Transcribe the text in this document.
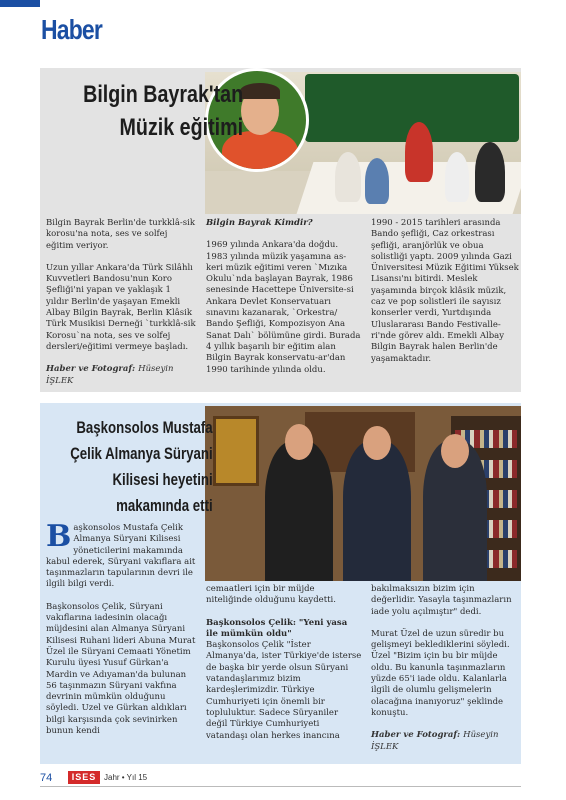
Haber
Bilgin Bayrak'tan
Müzik eğitimi

Bilgin Bayrak Berlin'de turkklâ-sik korosu'na nota, ses ve solfej eğitim veriyor.

Uzun yıllar Ankara'da Türk Silâhlı Kuvvetleri Bandosu'nun Koro Şefliği'ni yapan ve yaklaşık 1 yıldır Berlin'de yaşayan Emekli Albay Bilgin Bayrak, Berlin Klâsik Türk Musikisi Derneği `turkklâ-sik Korosu`na nota, ses ve solfej dersleri/eğitimi vermeye başladı.

Haber ve Fotograf: Hüseyin İŞLEK

Bilgin Bayrak Kimdir?

1969 yılında Ankara'da doğdu. 1983 yılında müzik yaşamına as-keri müzik eğitimi veren `Mızıka Okulu`nda başlayan Bayrak, 1986 senesinde Hacettepe Üniversite-si Ankara Devlet Konservatuarı sınavını kazanarak, `Orkestra/ Bando Şefliği, Kompozisyon Ana Sanat Dalı` bölümüne girdi. Burada 4 yıllık başarılı bir eğitim alan Bilgin Bayrak konservatu-ar'dan 1990 tarihinde yılında oldu.

1990 - 2015 tarihleri arasında Bando şefliği, Caz orkestrası şefliği, aranjörlük ve obua solistliği yaptı. 2009 yılında Gazi Üniversitesi Müzik Eğitimi Yüksek Lisansı'nı bitirdi. Meslek yaşamında birçok klâsik müzik, caz ve pop solistleri ile sayısız konserler verdi, Yurtdışında Uluslararası Bando Festivalle-ri'nde görev aldı. Emekli Albay Bilgin Bayrak halen Berlin'de yaşamaktadır.

Başkonsolos Mustafa
Çelik Almanya Süryani
Kilisesi heyetini
makamında etti

Başkonsolos Mustafa Çelik Almanya Süryani Kilisesi yöneticilerini makamında kabul ederek, Süryani vakıflara ait taşınmazların tapularının devri ile ilgili bilgi verdi.

Başkonsolos Çelik, Süryani vakıflarına iadesinin olacağı müjdesini alan Almanya Süryani Kilisesi Ruhani lideri Abuna Murat Üzel ile Süryani Cemaati Yönetim Kurulu üyesi Yusuf Gürkan'a Mardin ve Adıyaman'da bulunan 56 taşınmazın Süryani vakfına devrinin mümkün olduğunu söyledi. Uzel ve Gürkan aldıkları bilgi karşısında çok sevinirken bunun kendi

cemaatleri için bir müjde niteliğinde olduğunu kaydetti.

Başkonsolos Çelik: "Yeni yasa ile mümkün oldu"

Başkonsolos Çelik "İster Almanya'da, ister Türkiye'de isterse de başka bir yerde olsun Süryani vatandaşlarımız bizim kardeşlerimizdir. Türkiye Cumhuriyeti için önemli bir topluluktur. Sadece Süryaniler değil Türkiye Cumhuriyeti vatandaşı olan herkes inancına

bakılmaksızın bizim için değerlidir. Yasayla taşınmazların iade yolu açılmıştır" dedi.

Murat Üzel de uzun süredir bu gelişmeyi beklediklerini söyledi. Üzel "Bizim için bu bir müjde oldu. Bu kanunla taşınmazların yüzde 65'i iade oldu. Kalanlarla ilgili de olumlu gelişmelerin olacağına inanıyoruz" şeklinde konuştu.

Haber ve Fotograf: Hüseyin İŞLEK

74	ISES Jahr • Yıl 15
